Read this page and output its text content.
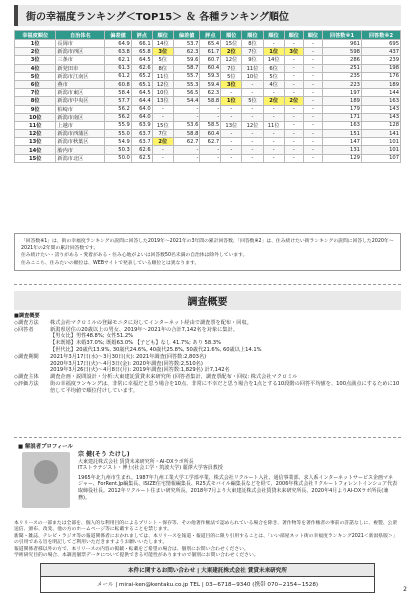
街の幸福度ランキング＜TOP15＞ ＆ 各種ランキング順位
幸福度順位	自治体名	偏差値	評点	順位	偏差値	評点	順位	順位	順位	順位	順位	回答数※1	回答数※2
1位	長岡市	64.9	66.1	14位	53.7	65.4	15位	8位	-	-	-	961	695
2位	新潟市西区	63.8	65.8	3位	62.3	61.7	2位	7位	1位	3位	-	598	437
3位	三条市	62.1	64.5	5位	59.6	60.7	12位	9位	14位	-	-	286	239
4位	新発田市	61.3	62.6	8位	58.7	60.4	7位	11位	6位	-	-	251	198
5位	新潟市江南区	61.2	65.2	11位	55.7	59.3	5位	10位	5位	-	-	235	176
6位	燕市	60.8	65.1	12位	55.3	59.4	3位	-	4位	-	-	223	189
7位	新潟市東区	58.4	64.5	10位	56.5	62.3	-	-	-	-	-	197	144
8位	新潟市中央区	57.7	64.4	13位	54.4	58.8	1位	5位	2位	2位	-	189	163
9位	柏崎市	56.2	64.0	-	-	-	-	-	-	-	-	179	143
10位	新潟市南区	56.2	64.0	-	-	-	-	-	-	-	-	171	143
11位	上越市	55.9	63.9	15位	53.6	58.5	13位	12位	11位	-	-	163	128
12位	新潟市西蒲区	55.0	63.7	7位	58.8	60.4	-	-	-	-	-	151	141
13位	新潟市秋葉区	54.9	63.7	2位	62.7	62.7	-	-	-	-	-	147	101
14位	胎内市	50.3	62.6	-	-	-	-	-	-	-	-	131	101
15位	新潟市北区	50.0	62.5	-	-	-	-	-	-	-	-	129	107
「回答数※1」は、街の幸福度ランキングの説問に回答した2019年〜2021年の3年間の累計回答数、「回答数※2」は、住み続けたい街ランキングの説問に回答した2020年〜2021年の2年間の累計回答数です。
住み続けたい・誇りがある・愛着がある・住み心地がよいは回答数50名未満の自治体は除外しています。
住みここち、住みたいの順位は、WEBサイトで発表している順位とは異なります。
調査概要
■調査概要
◇調査方法	株式会社マクロミルの登録モニタに対してインターネット経由で調査票を配布・回収。
◇回答者	新潟県居住の20歳以上の男女、2019年〜2021年の合計7,142名を対象に集計。
【男女比】男性48.8%; 女性51.2%
【未既婚】未婚37.0%; 既婚63.0% 【子ども】なし 41.7%; あり 58.3%
【世代比】20歳代13.9%, 30歳代24.6%, 40歳代25.8%, 50歳代21.6%, 60歳以上14.1%
◇調査期間	2021年3月17日(水)〜3月30日(火): 2021年調査(回答数:2,803名)
2020年3月17日(火)〜4月3日(金): 2020年調査(回答数:2,510名)
2019年3月26日(火)〜4月8日(月): 2019年調査(回答数:1,829名) 計7,142名
◇調査主体	調査企画・説問設計・分析:大東建託賃貸未来研究所 (回答者集計、調査票配布・回収: 株式会社マクロミル
◇評価方法	街の幸福度ランキングは、非常に幸福だと思う場合を10点、非常に不幸だと思う場合を1点とする10段階の回答平均値を、100点満点にするために10倍して平均値で順位付けしています。
■ 解説者プロフィール
宗 健(そう たけし)
大東建託株式会社 賃貸未来研究所・AI-DXラボ所長
ITストラテジスト・博士(社会工学・筑波大学) 麗澤大学客員教授
1965年北九州市生まれ。1987年九州工業大学工学部卒業、株式会社リクルート入社、通信事業部、求人系インターネットサービス企画マネジャー、ForRent.Jp編集長、ISIZE住宅情報編集長、R25式モバイル編集長などを経て、2006年株式会社リクルートフォレントインシュア代表取締役社長。2012年リクルート住まい研究所長。2018年7月より大東建託株式会社賃貸未来研究所長、2020年4月よりAI-DXラボ所長(兼務)。
本リリースの一部または全部を、個人的な利用目的によるプリント・保存等、その他著作権法で認められている場合を除き、著作物等を著作権者の事前の許諾なしに、複製、公衆送信、頒布、改変、他の方のホームページ等に転載することを禁じます。
新聞・雑誌、テレビ・ラジオ等の報道関係者におかれましては、本リリースを報道・報道目的に限り引用することは、「いい部屋ネット街の幸福度ランキング2021＜新潟県版＞」の引用である旨を明記してご利用いただきますようお願いいたします。
報道関係者様以外の方で、本リリースの内容の掲載・転載をご希望の場合は、個別にお問い合わせください。
学術研究目的の場合、本調査個票データについて提供できる可能性がありますので個別にお問い合わせください。
本件に関するお問い合わせ | 大東建託株式会社 賃貸未来研究所
メール | mirai-ken@kentaku.co.jp TEL | 03−6718−9340 (携帯 070−2154−1528)
2
